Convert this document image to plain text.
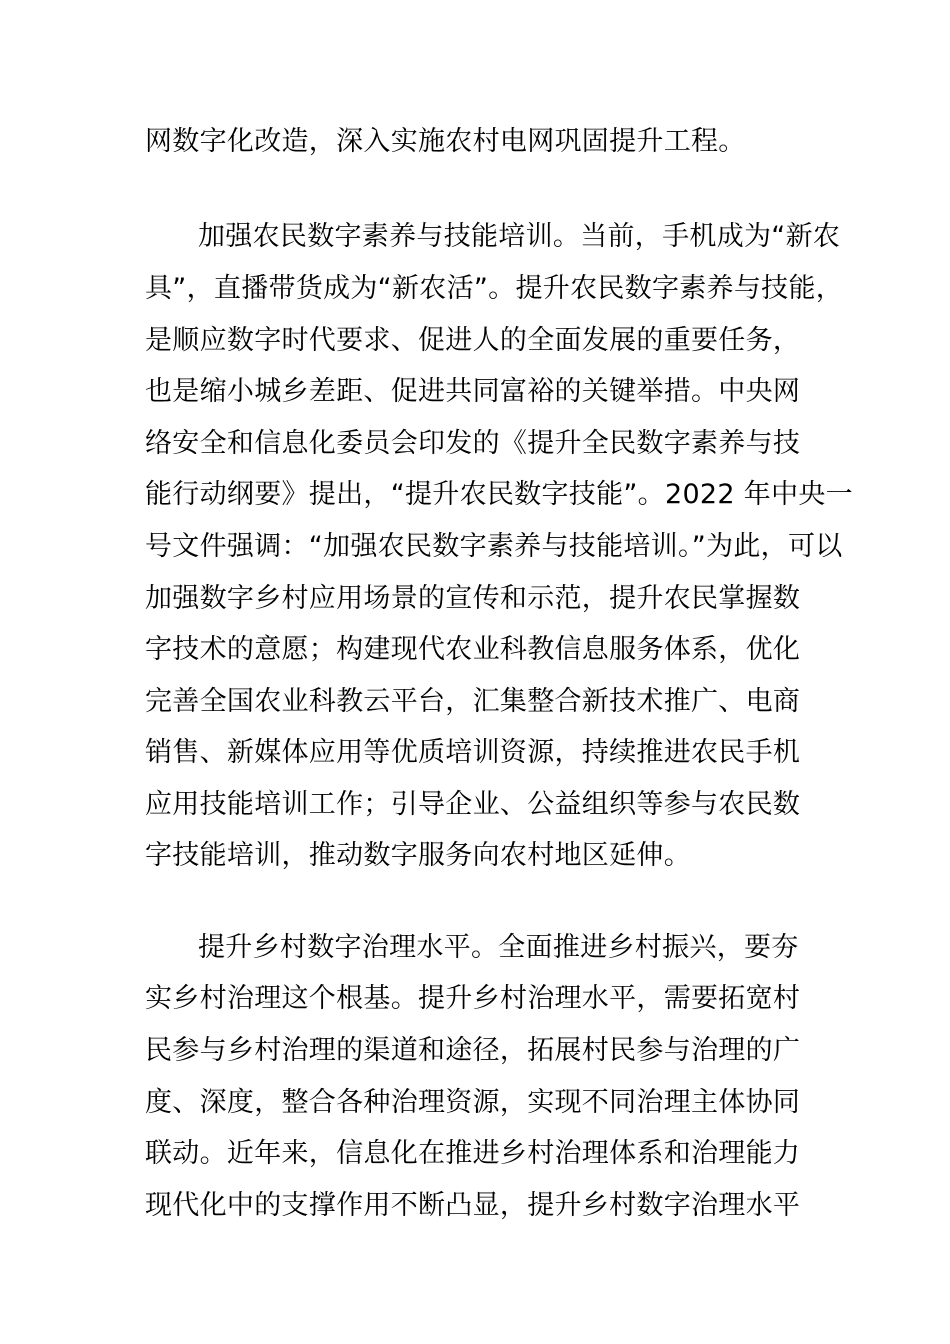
网数字化改造，深入实施农村电网巩固提升工程。
加强农民数字素养与技能培训。当前，手机成为“新农
具”，直播带货成为“新农活”。提升农民数字素养与技能，
是顺应数字时代要求、促进人的全面发展的重要任务，
也是缩小城乡差距、促进共同富裕的关键举措。中央网
络安全和信息化委员会印发的《提升全民数字素养与技
能行动纲要》提出，“提升农民数字技能”。2022 年中央一
号文件强调：“加强农民数字素养与技能培训。”为此，可以
加强数字乡村应用场景的宣传和示范，提升农民掌握数
字技术的意愿；构建现代农业科教信息服务体系，优化
完善全国农业科教云平台，汇集整合新技术推广、电商
销售、新媒体应用等优质培训资源，持续推进农民手机
应用技能培训工作；引导企业、公益组织等参与农民数
字技能培训，推动数字服务向农村地区延伸。
提升乡村数字治理水平。全面推进乡村振兴，要夯
实乡村治理这个根基。提升乡村治理水平，需要拓宽村
民参与乡村治理的渠道和途径，拓展村民参与治理的广
度、深度，整合各种治理资源，实现不同治理主体协同
联动。近年来，信息化在推进乡村治理体系和治理能力
现代化中的支撑作用不断凸显，提升乡村数字治理水平
